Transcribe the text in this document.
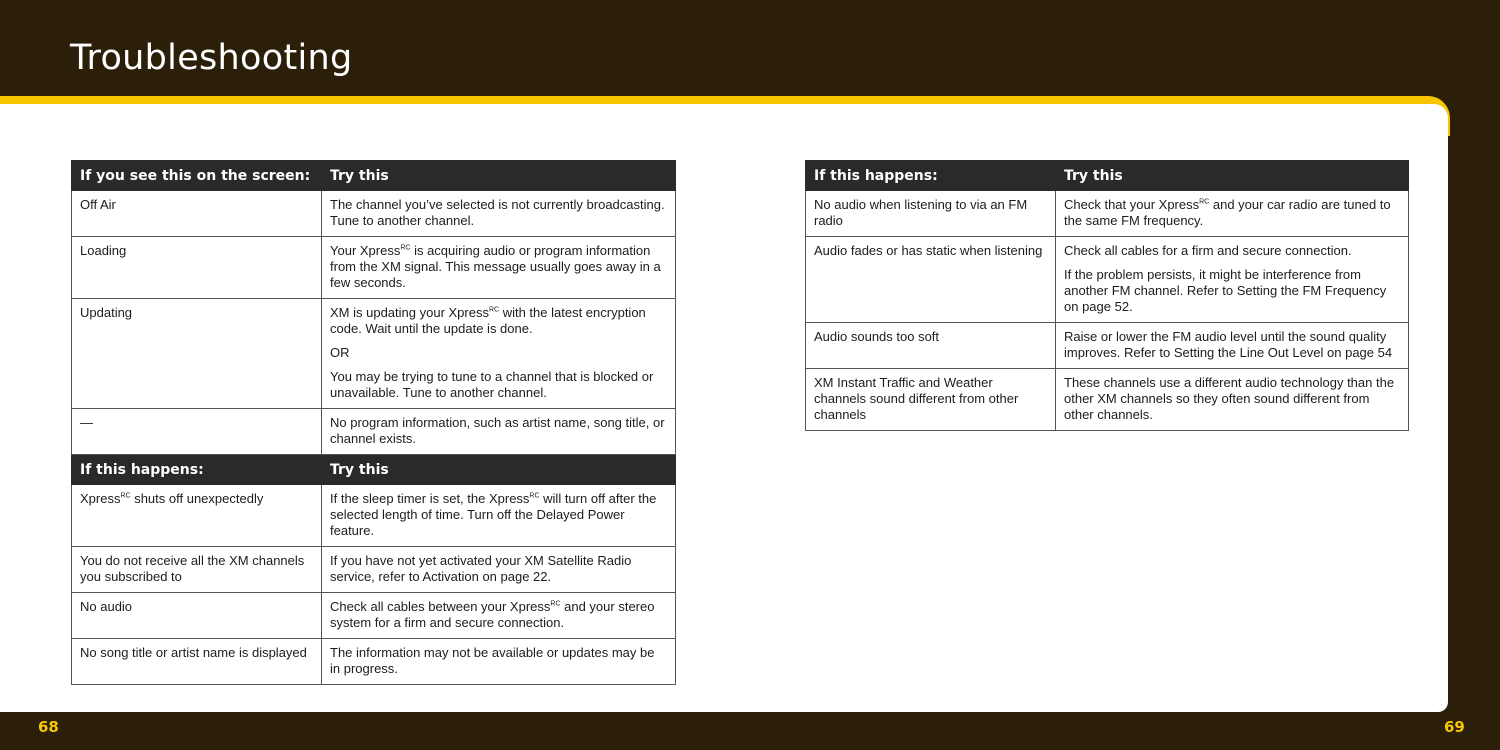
Troubleshooting
If you see this on the screen:	Try this
Off Air	The channel you’ve selected is not currently broadcasting. Tune to another channel.

Loading	Your Xpress$^{RC}$ is acquiring audio or program information from the XM signal. This message usually goes away in a few seconds.

Updating	XM is updating your Xpress$^{RC}$ with the latest encryption code. Wait until the update is done.

OR

You may be trying to tune to a channel that is blocked or unavailable. Tune to another channel.

—	No program information, such as artist name, song title, or channel exists.

If this happens:	Try this
Xpress$^{RC}$ shuts off unexpectedly	If the sleep timer is set, the Xpress$^{RC}$ will turn off after the selected length of time. Turn off the Delayed Power feature.

You do not receive all the XM channels you subscribed to	If you have not yet activated your XM Satellite Radio service, refer to Activation on page 22.

No audio	Check all cables between your Xpress$^{RC}$ and your stereo system for a firm and secure connection.

No song title or artist name is displayed	The information may not be available or updates may be in progress.

If this happens:	Try this
No audio when listening to via an FM radio	Check that your Xpress$^{RC}$ and your car radio are tuned to the same FM frequency.

Audio fades or has static when listening	Check all cables for a firm and secure connection.

If the problem persists, it might be interference from another FM channel. Refer to Setting the FM Frequency on page 52.

Audio sounds too soft	Raise or lower the FM audio level until the sound quality improves. Refer to Setting the Line Out Level on page 54

XM Instant Traffic and Weather channels sound different from other channels	These channels use a different audio technology than the other XM channels so they often sound different from other channels.

68	69
